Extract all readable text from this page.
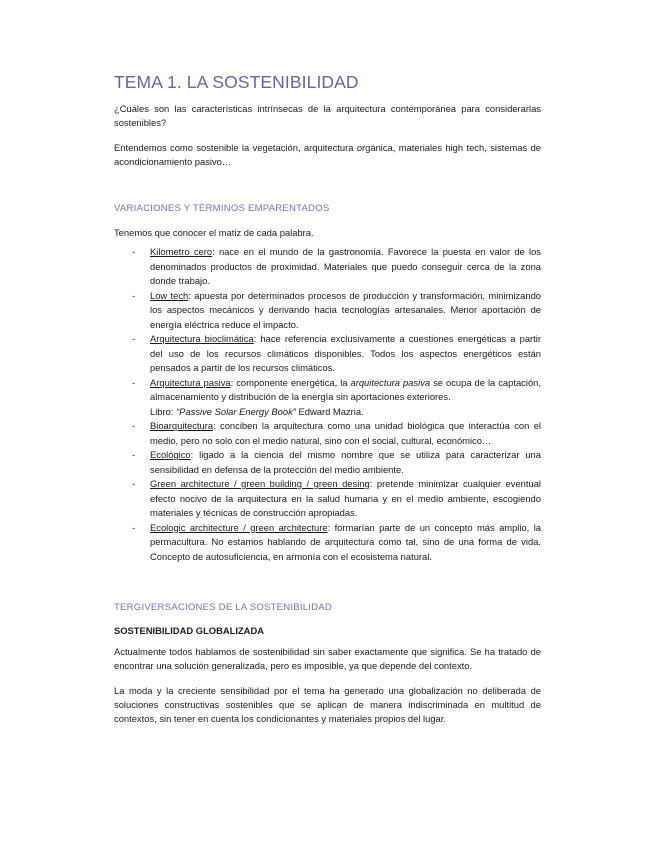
TEMA 1. LA SOSTENIBILIDAD

¿Cuáles son las características intrínsecas de la arquitectura contemporánea para considerarlas sostenibles?

Entendemos como sostenible la vegetación, arquitectura orgánica, materiales high tech, sistemas de acondicionamiento pasivo…

VARIACIONES Y TÉRMINOS EMPARENTADOS
Tenemos que conocer el matiz de cada palabra.
- Kilometro cero: nace en el mundo de la gastronomía. Favorece la puesta en valor de los denominados productos de proximidad. Materiales que puedo conseguir cerca de la zona donde trabajo.
- Low tech: apuesta por determinados procesos de producción y transformación, minimizando los aspectos mecánicos y derivando hacia tecnologías artesanales. Menor aportación de energía eléctrica reduce el impacto.
- Arquitectura bioclimática: hace referencia exclusivamente a cuestiones energéticas a partir del uso de los recursos climáticos disponibles. Todos los aspectos energéticos están pensados a partir de los recursos climáticos.
- Arquitectura pasiva: componente energética, la arquitectura pasiva se ocupa de la captación, almacenamiento y distribución de la energía sin aportaciones exteriores.
Libro: “Passive Solar Energy Book” Edward Mazria.
- Bioarquitectura: conciben la arquitectura como una unidad biológica que interactúa con el medio, pero no solo con el medio natural, sino con el social, cultural, económico…
- Ecológico: ligado a la ciencia del mismo nombre que se utiliza para caracterizar una sensibilidad en defensa de la protección del medio ambiente.
- Green architecture / green building / green desing: pretende minimizar cualquier eventual efecto nocivo de la arquitectura en la salud humana y en el medio ambiente, escogiendo materiales y técnicas de construcción apropiadas.
- Ecologic architecture / green architecture: formarían parte de un concepto más amplio, la permacultura. No estamos hablando de arquitectura como tal, sino de una forma de vida. Concepto de autosuficiencia, en armonía con el ecosistema natural.
TERGIVERSACIONES DE LA SOSTENIBILIDAD
SOSTENIBILIDAD GLOBALIZADA

Actualmente todos hablamos de sostenibilidad sin saber exactamente que significa. Se ha tratado de encontrar una solución generalizada, pero es imposible, ya que depende del contexto.

La moda y la creciente sensibilidad por el tema ha generado una globalización no deliberada de soluciones constructivas sostenibles que se aplican de manera indiscriminada en multitud de contextos, sin tener en cuenta los condicionantes y materiales propios del lugar.
